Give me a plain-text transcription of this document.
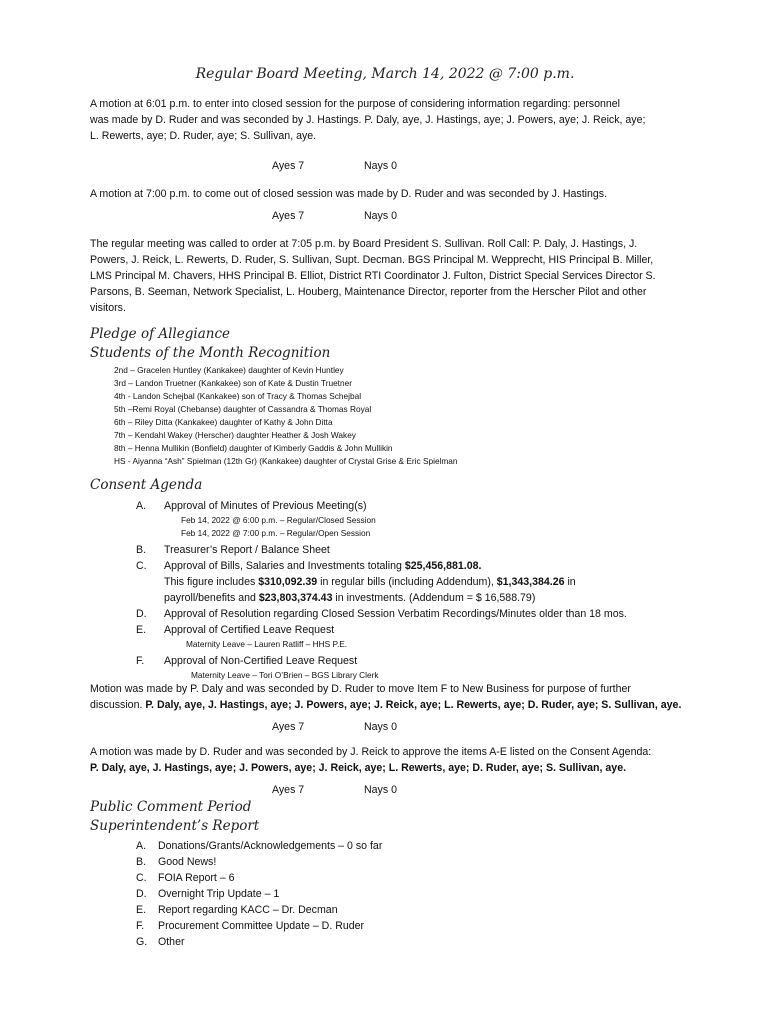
Regular Board Meeting, March 14, 2022 @ 7:00 p.m.
A motion at 6:01 p.m. to enter into closed session for the purpose of considering information regarding: personnel
was made by D. Ruder and was seconded by J. Hastings. P. Daly, aye, J. Hastings, aye; J. Powers, aye; J. Reick, aye;
L. Rewerts, aye; D. Ruder, aye; S. Sullivan, aye.
Ayes 7	Nays 0
A motion at 7:00 p.m. to come out of closed session was made by D. Ruder and was seconded by J. Hastings.
Ayes 7	Nays 0
The regular meeting was called to order at 7:05 p.m. by Board President S. Sullivan. Roll Call: P. Daly, J. Hastings, J.
Powers, J. Reick, L. Rewerts, D. Ruder, S. Sullivan, Supt. Decman. BGS Principal M. Wepprecht, HIS Principal B. Miller,
LMS Principal M. Chavers, HHS Principal B. Elliot, District RTI Coordinator J. Fulton, District Special Services Director S.
Parsons, B. Seeman, Network Specialist, L. Houberg, Maintenance Director, reporter from the Herscher Pilot and other
visitors.
Pledge of Allegiance
Students of the Month Recognition
2nd – Gracelen Huntley (Kankakee) daughter of Kevin Huntley
3rd – Landon Truetner (Kankakee) son of Kate & Dustin Truetner
4th - Landon Schejbal (Kankakee) son of Tracy & Thomas Schejbal
5th –Remi Royal (Chebanse) daughter of Cassandra & Thomas Royal
6th – Riley Ditta (Kankakee) daughter of Kathy & John Ditta
7th – Kendahl Wakey (Herscher) daughter Heather & Josh Wakey
8th – Henna Mullikin (Bonfield) daughter of Kimberly Gaddis & John Mullikin
HS - Aiyanna “Ash” Spielman (12th Gr) (Kankakee) daughter of Crystal Grise & Eric Spielman
Consent Agenda
A. Approval of Minutes of Previous Meeting(s)
Feb 14, 2022 @ 6:00 p.m. – Regular/Closed Session
Feb 14, 2022 @ 7:00 p.m. – Regular/Open Session
B. Treasurer’s Report / Balance Sheet
C. Approval of Bills, Salaries and Investments totaling $25,456,881.08.
This figure includes $310,092.39 in regular bills (including Addendum), $1,343,384.26 in
payroll/benefits and $23,803,374.43 in investments. (Addendum = $ 16,588.79)
D. Approval of Resolution regarding Closed Session Verbatim Recordings/Minutes older than 18 mos.
E. Approval of Certified Leave Request
Maternity Leave – Lauren Ratliff – HHS P.E.
F. Approval of Non-Certified Leave Request
Maternity Leave – Tori O’Brien – BGS Library Clerk
Motion was made by P. Daly and was seconded by D. Ruder to move Item F to New Business for purpose of further
discussion. P. Daly, aye, J. Hastings, aye; J. Powers, aye; J. Reick, aye; L. Rewerts, aye; D. Ruder, aye; S. Sullivan, aye.
Ayes 7	Nays 0
A motion was made by D. Ruder and was seconded by J. Reick to approve the items A-E listed on the Consent Agenda:
P. Daly, aye, J. Hastings, aye; J. Powers, aye; J. Reick, aye; L. Rewerts, aye; D. Ruder, aye; S. Sullivan, aye.
Ayes 7	Nays 0
Public Comment Period
Superintendent’s Report
A. Donations/Grants/Acknowledgements – 0 so far
B. Good News!
C. FOIA Report – 6
D. Overnight Trip Update – 1
E. Report regarding KACC – Dr. Decman
F. Procurement Committee Update – D. Ruder
G. Other
